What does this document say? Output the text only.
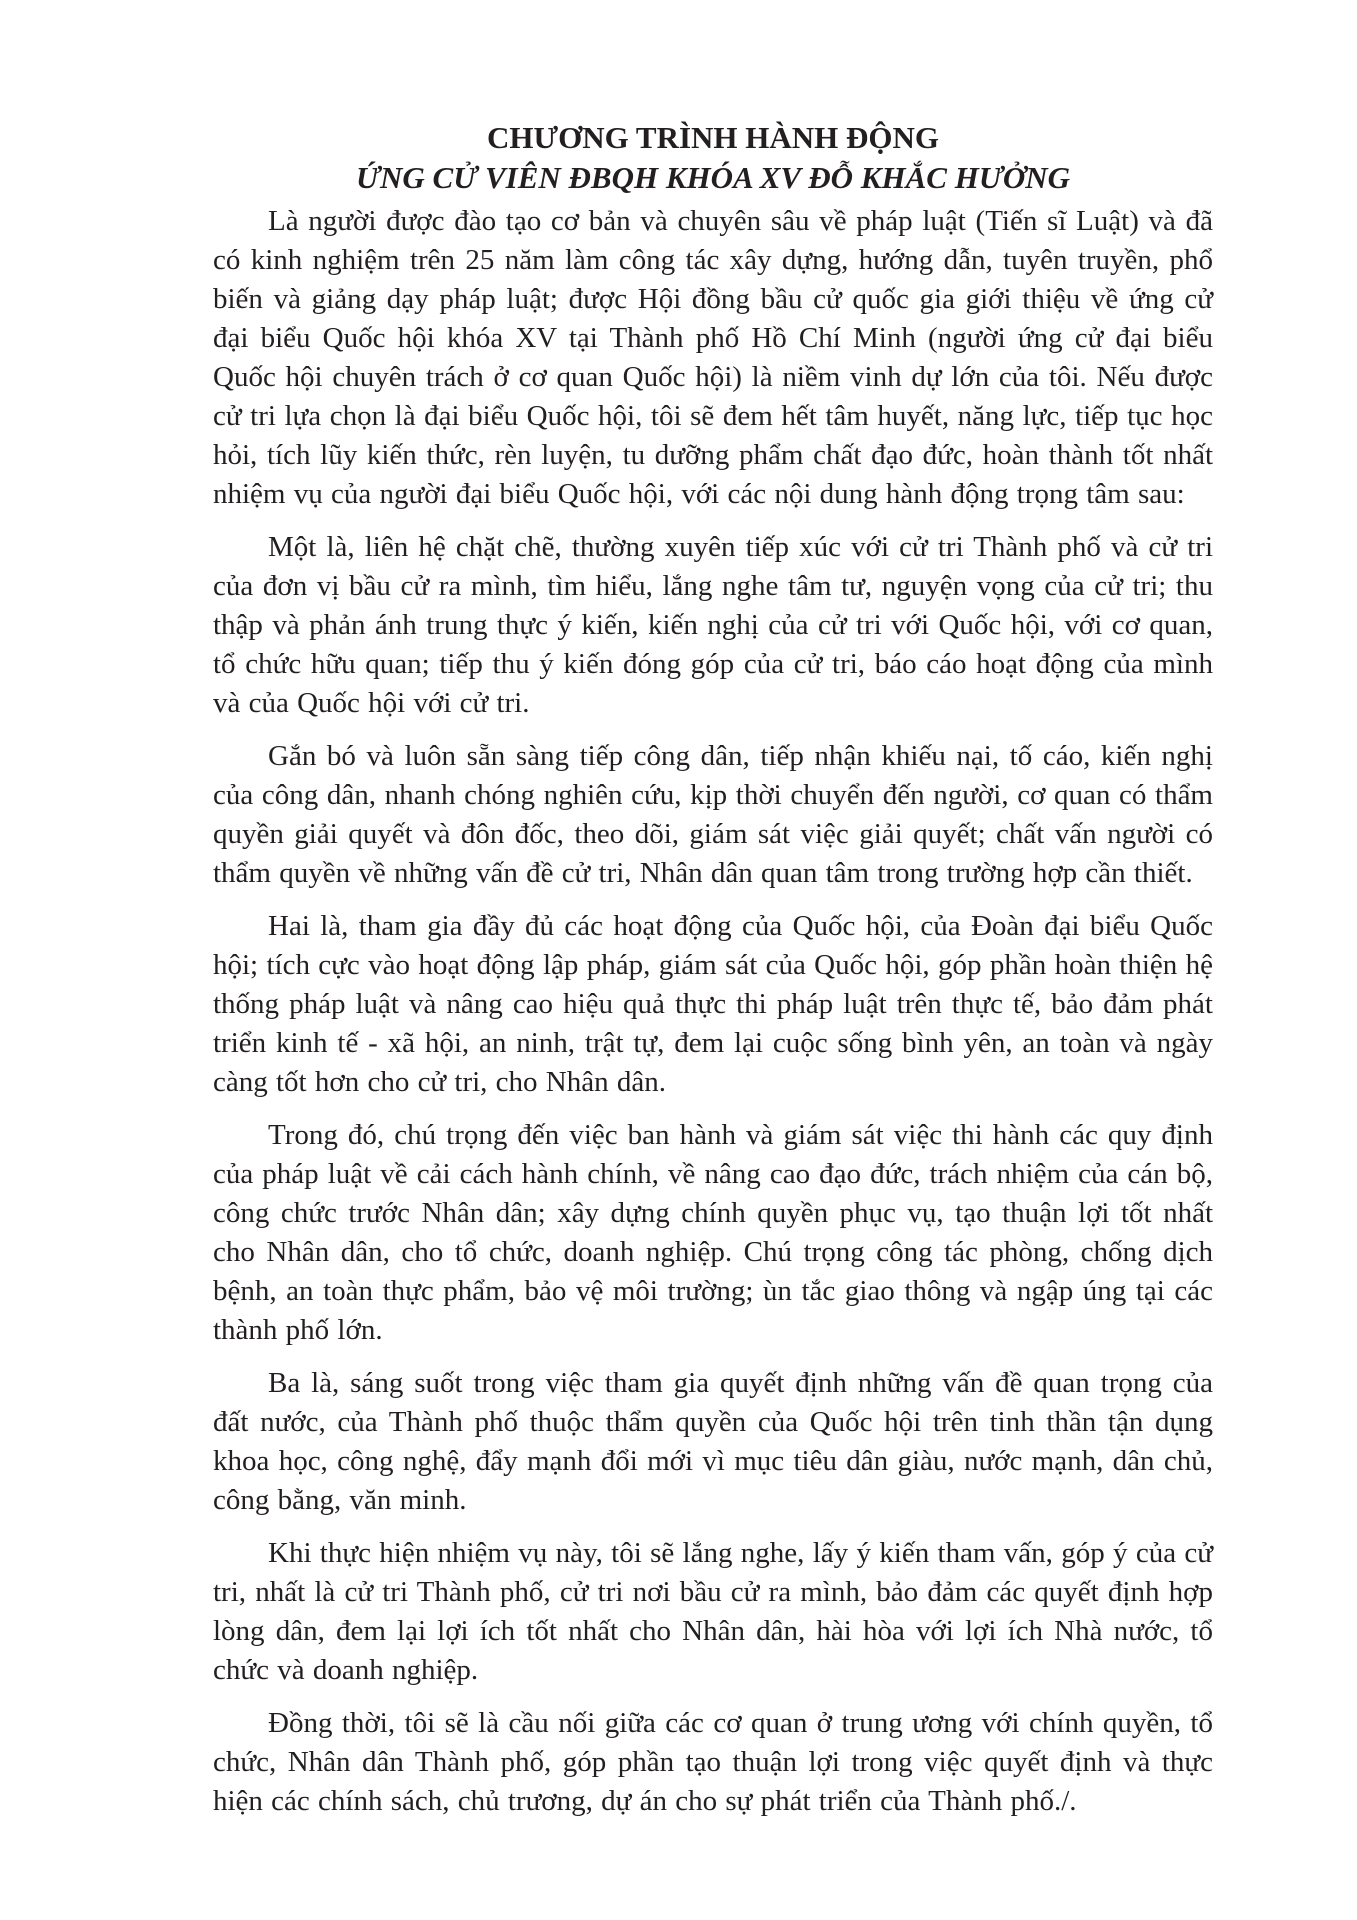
CHƯƠNG TRÌNH HÀNH ĐỘNG
ỨNG CỬ VIÊN ĐBQH KHÓA XV ĐỖ KHẮC HƯỞNG

Là người được đào tạo cơ bản và chuyên sâu về pháp luật (Tiến sĩ Luật) và đã có kinh nghiệm trên 25 năm làm công tác xây dựng, hướng dẫn, tuyên truyền, phổ biến và giảng dạy pháp luật; được Hội đồng bầu cử quốc gia giới thiệu về ứng cử đại biểu Quốc hội khóa XV tại Thành phố Hồ Chí Minh (người ứng cử đại biểu Quốc hội chuyên trách ở cơ quan Quốc hội) là niềm vinh dự lớn của tôi. Nếu được cử tri lựa chọn là đại biểu Quốc hội, tôi sẽ đem hết tâm huyết, năng lực, tiếp tục học hỏi, tích lũy kiến thức, rèn luyện, tu dưỡng phẩm chất đạo đức, hoàn thành tốt nhất nhiệm vụ của người đại biểu Quốc hội, với các nội dung hành động trọng tâm sau:

Một là, liên hệ chặt chẽ, thường xuyên tiếp xúc với cử tri Thành phố và cử tri của đơn vị bầu cử ra mình, tìm hiểu, lắng nghe tâm tư, nguyện vọng của cử tri; thu thập và phản ánh trung thực ý kiến, kiến nghị của cử tri với Quốc hội, với cơ quan, tổ chức hữu quan; tiếp thu ý kiến đóng góp của cử tri, báo cáo hoạt động của mình và của Quốc hội với cử tri.

Gắn bó và luôn sẵn sàng tiếp công dân, tiếp nhận khiếu nại, tố cáo, kiến nghị của công dân, nhanh chóng nghiên cứu, kịp thời chuyển đến người, cơ quan có thẩm quyền giải quyết và đôn đốc, theo dõi, giám sát việc giải quyết; chất vấn người có thẩm quyền về những vấn đề cử tri, Nhân dân quan tâm trong trường hợp cần thiết.

Hai là, tham gia đầy đủ các hoạt động của Quốc hội, của Đoàn đại biểu Quốc hội; tích cực vào hoạt động lập pháp, giám sát của Quốc hội, góp phần hoàn thiện hệ thống pháp luật và nâng cao hiệu quả thực thi pháp luật trên thực tế, bảo đảm phát triển kinh tế - xã hội, an ninh, trật tự, đem lại cuộc sống bình yên, an toàn và ngày càng tốt hơn cho cử tri, cho Nhân dân.

Trong đó, chú trọng đến việc ban hành và giám sát việc thi hành các quy định của pháp luật về cải cách hành chính, về nâng cao đạo đức, trách nhiệm của cán bộ, công chức trước Nhân dân; xây dựng chính quyền phục vụ, tạo thuận lợi tốt nhất cho Nhân dân, cho tổ chức, doanh nghiệp. Chú trọng công tác phòng, chống dịch bệnh, an toàn thực phẩm, bảo vệ môi trường; ùn tắc giao thông và ngập úng tại các thành phố lớn.

Ba là, sáng suốt trong việc tham gia quyết định những vấn đề quan trọng của đất nước, của Thành phố thuộc thẩm quyền của Quốc hội trên tinh thần tận dụng khoa học, công nghệ, đẩy mạnh đổi mới vì mục tiêu dân giàu, nước mạnh, dân chủ, công bằng, văn minh.

Khi thực hiện nhiệm vụ này, tôi sẽ lắng nghe, lấy ý kiến tham vấn, góp ý của cử tri, nhất là cử tri Thành phố, cử tri nơi bầu cử ra mình, bảo đảm các quyết định hợp lòng dân, đem lại lợi ích tốt nhất cho Nhân dân, hài hòa với lợi ích Nhà nước, tổ chức và doanh nghiệp.

Đồng thời, tôi sẽ là cầu nối giữa các cơ quan ở trung ương với chính quyền, tổ chức, Nhân dân Thành phố, góp phần tạo thuận lợi trong việc quyết định và thực hiện các chính sách, chủ trương, dự án cho sự phát triển của Thành phố./.
